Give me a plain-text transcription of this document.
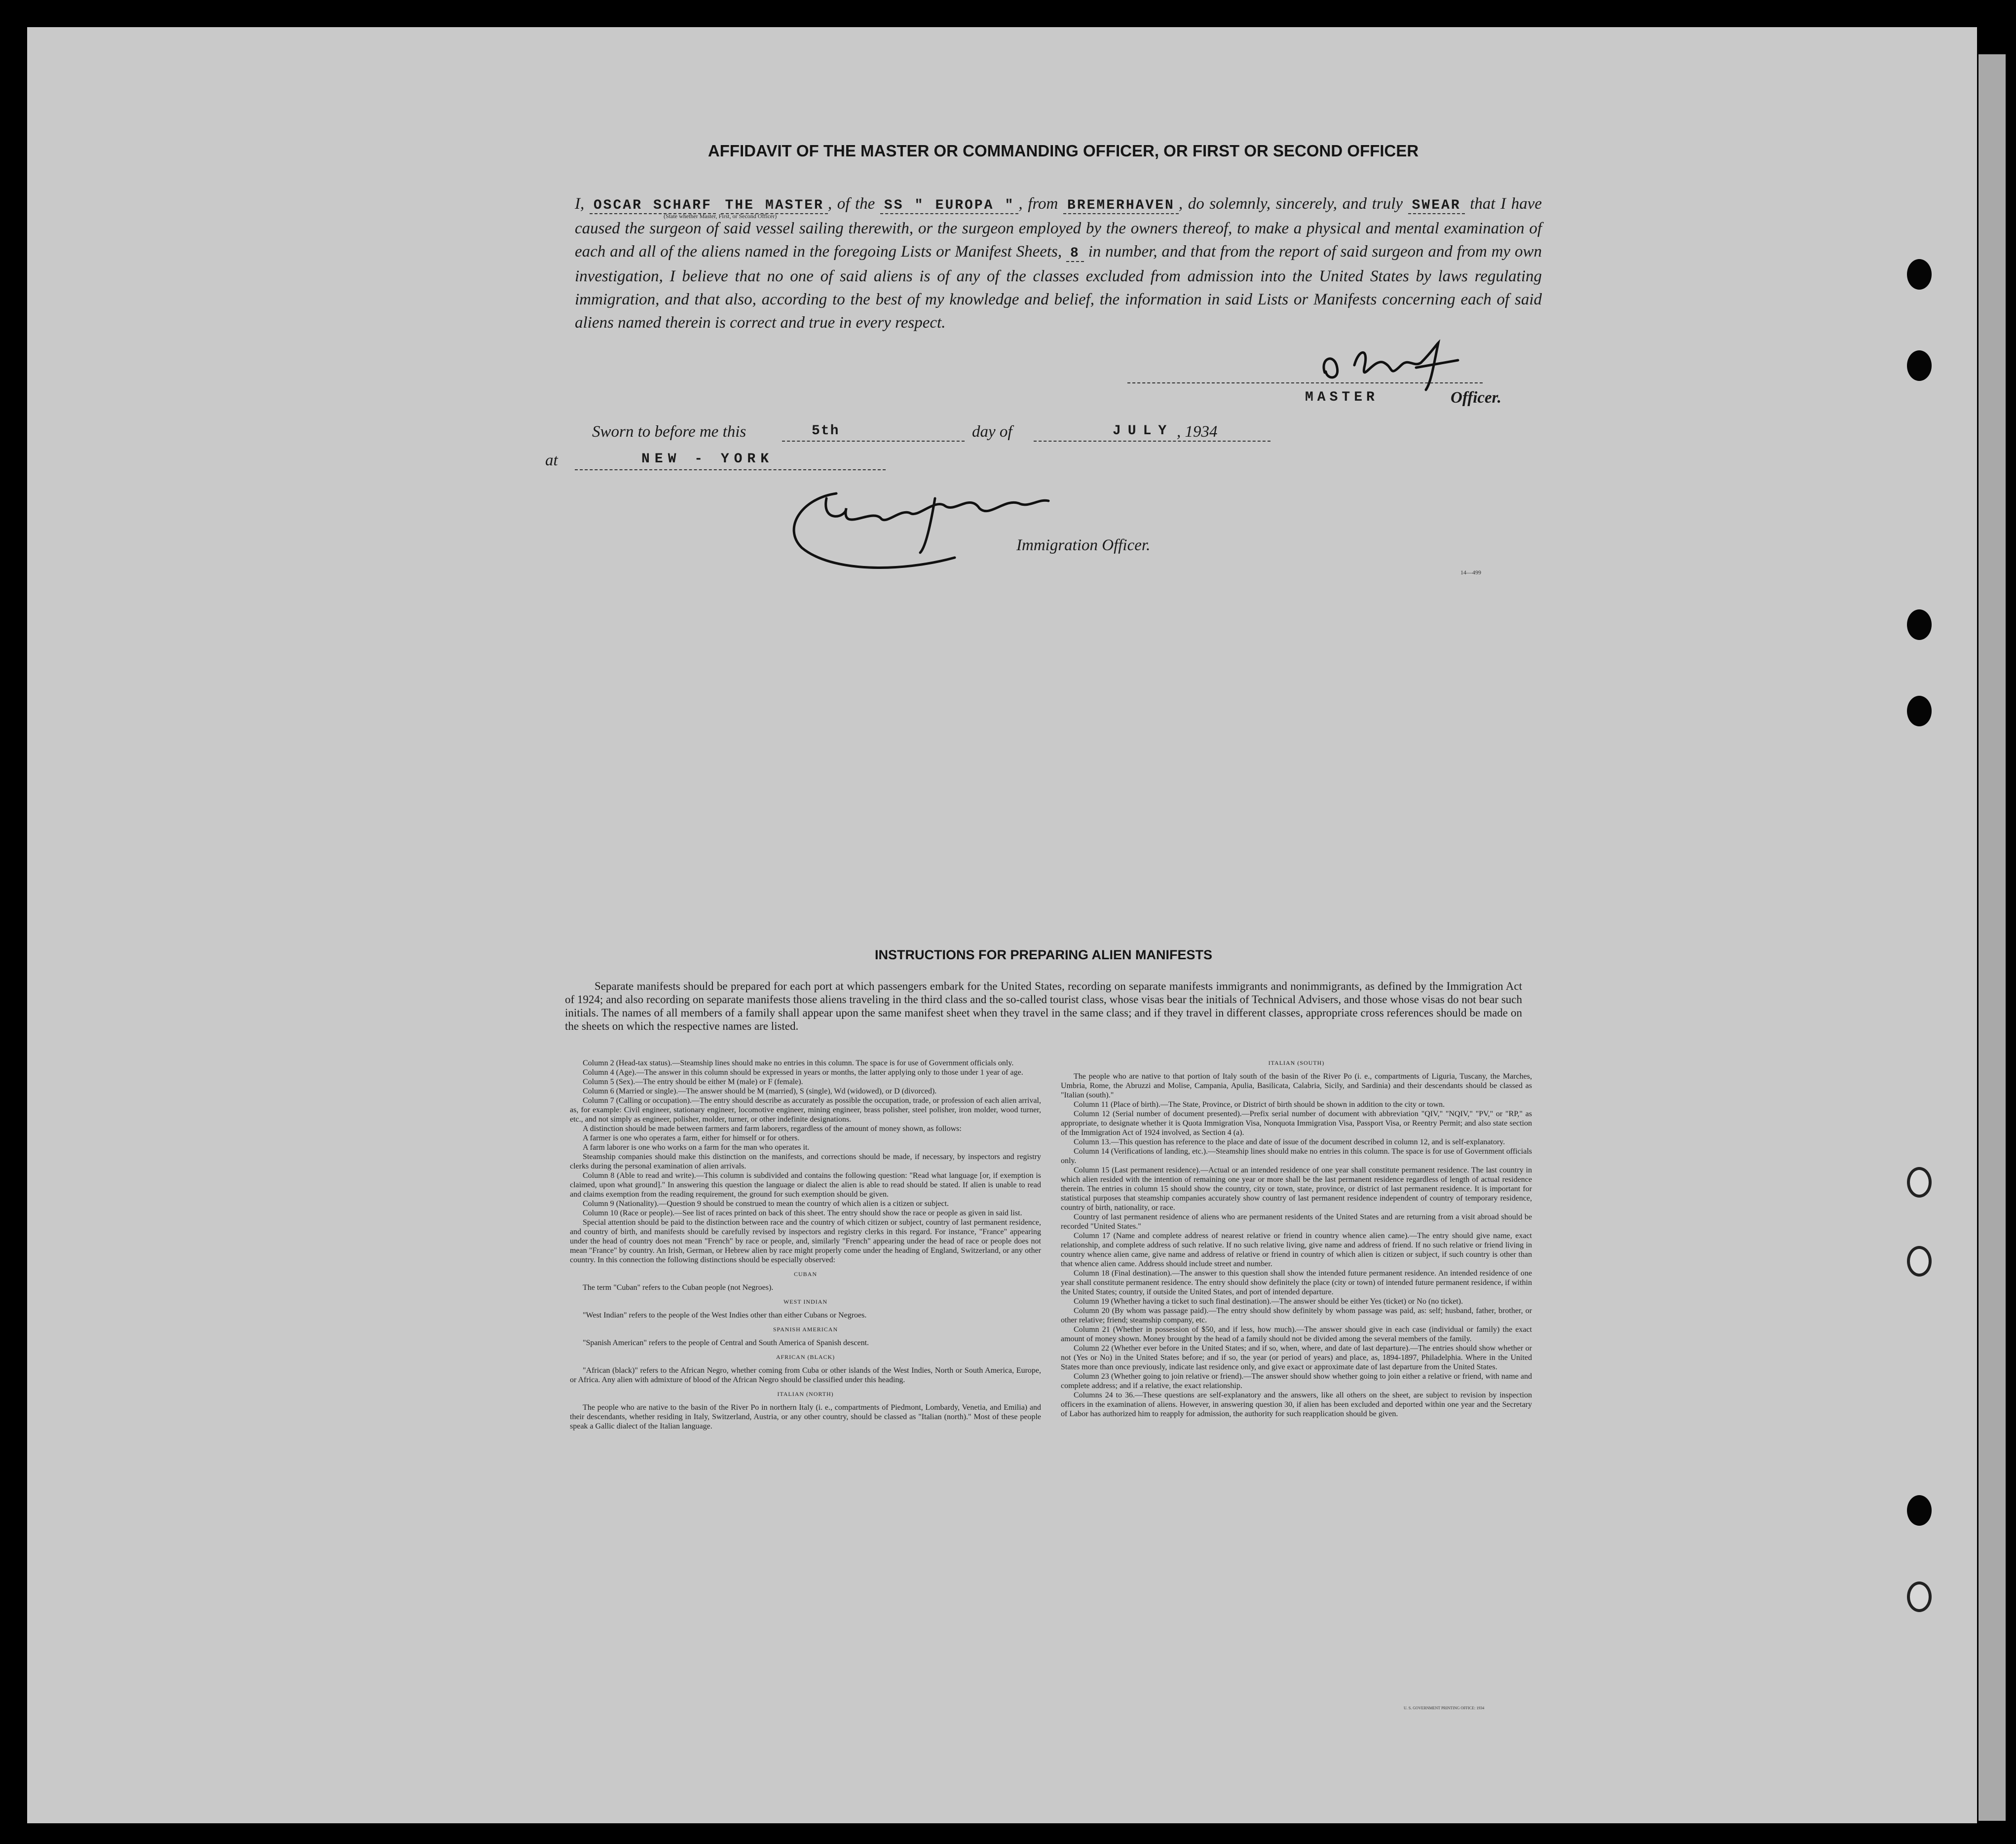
AFFIDAVIT OF THE MASTER OR COMMANDING OFFICER, OR FIRST OR SECOND OFFICER
I, OSCAR SCHARF THE MASTER , of the SS " EUROPA " , from BREMERHAVEN , do solemnly, sincerely, and truly SWEAR that I have caused the surgeon of said vessel sailing therewith, or the surgeon employed by the owners thereof, to make a physical and mental examination of each and all of the aliens named in the foregoing Lists or Manifest Sheets, 8 in number, and that from the report of said surgeon and from my own investigation, I believe that no one of said aliens is of any of the classes excluded from admission into the United States by laws regulating immigration, and that also, according to the best of my knowledge and belief, the information in said Lists or Manifests concerning each of said aliens named therein is correct and true in every respect.
(State whether Master, First, or Second Officer)
MASTER	Officer.
Sworn to before me this	5th	day of	JULY , 1934
at	NEW - YORK
Immigration Officer.
14—499
INSTRUCTIONS FOR PREPARING ALIEN MANIFESTS
Separate manifests should be prepared for each port at which passengers embark for the United States, recording on separate manifests immigrants and nonimmigrants, as defined by the Immigration Act of 1924; and also recording on separate manifests those aliens traveling in the third class and the so-called tourist class, whose visas bear the initials of Technical Advisers, and those whose visas do not bear such initials. The names of all members of a family shall appear upon the same manifest sheet when they travel in the same class; and if they travel in different classes, appropriate cross references should be made on the sheets on which the respective names are listed.

Column 2 (Head-tax status).—Steamship lines should make no entries in this column. The space is for use of Government officials only.

Column 4 (Age).—The answer in this column should be expressed in years or months, the latter applying only to those under 1 year of age.

Column 5 (Sex).—The entry should be either M (male) or F (female).

Column 6 (Married or single).—The answer should be M (married), S (single), Wd (widowed), or D (divorced).

Column 7 (Calling or occupation).—The entry should describe as accurately as possible the occupation, trade, or profession of each alien arrival, as, for example: Civil engineer, stationary engineer, locomotive engineer, mining engineer, brass polisher, steel polisher, iron molder, wood turner, etc., and not simply as engineer, polisher, molder, turner, or other indefinite designations.

A distinction should be made between farmers and farm laborers, regardless of the amount of money shown, as follows:

A farmer is one who operates a farm, either for himself or for others.

A farm laborer is one who works on a farm for the man who operates it.

Steamship companies should make this distinction on the manifests, and corrections should be made, if necessary, by inspectors and registry clerks during the personal examination of alien arrivals.

Column 8 (Able to read and write).—This column is subdivided and contains the following question: "Read what language [or, if exemption is claimed, upon what ground]." In answering this question the language or dialect the alien is able to read should be stated. If alien is unable to read and claims exemption from the reading requirement, the ground for such exemption should be given.

Column 9 (Nationality).—Question 9 should be construed to mean the country of which alien is a citizen or subject.

Column 10 (Race or people).—See list of races printed on back of this sheet. The entry should show the race or people as given in said list.

Special attention should be paid to the distinction between race and the country of which citizen or subject, country of last permanent residence, and country of birth, and manifests should be carefully revised by inspectors and registry clerks in this regard. For instance, "France" appearing under the head of country does not mean "French" by race or people, and, similarly "French" appearing under the head of race or people does not mean "France" by country. An Irish, German, or Hebrew alien by race might properly come under the heading of England, Switzerland, or any other country. In this connection the following distinctions should be especially observed:

CUBAN

The term "Cuban" refers to the Cuban people (not Negroes).

WEST INDIAN

"West Indian" refers to the people of the West Indies other than either Cubans or Negroes.

SPANISH AMERICAN

"Spanish American" refers to the people of Central and South America of Spanish descent.

AFRICAN (BLACK)

"African (black)" refers to the African Negro, whether coming from Cuba or other islands of the West Indies, North or South America, Europe, or Africa. Any alien with admixture of blood of the African Negro should be classified under this heading.

ITALIAN (NORTH)

The people who are native to the basin of the River Po in northern Italy (i. e., compartments of Piedmont, Lombardy, Venetia, and Emilia) and their descendants, whether residing in Italy, Switzerland, Austria, or any other country, should be classed as "Italian (north)." Most of these people speak a Gallic dialect of the Italian language.

ITALIAN (SOUTH)

The people who are native to that portion of Italy south of the basin of the River Po (i. e., compartments of Liguria, Tuscany, the Marches, Umbria, Rome, the Abruzzi and Molise, Campania, Apulia, Basilicata, Calabria, Sicily, and Sardinia) and their descendants should be classed as "Italian (south)."

Column 11 (Place of birth).—The State, Province, or District of birth should be shown in addition to the city or town.

Column 12 (Serial number of document presented).—Prefix serial number of document with abbreviation "QIV," "NQIV," "PV," or "RP," as appropriate, to designate whether it is Quota Immigration Visa, Nonquota Immigration Visa, Passport Visa, or Reentry Permit; and also state section of the Immigration Act of 1924 involved, as Section 4 (a).

Column 13.—This question has reference to the place and date of issue of the document described in column 12, and is self-explanatory.

Column 14 (Verifications of landing, etc.).—Steamship lines should make no entries in this column. The space is for use of Government officials only.

Column 15 (Last permanent residence).—Actual or an intended residence of one year shall constitute permanent residence. The last country in which alien resided with the intention of remaining one year or more shall be the last permanent residence regardless of length of actual residence therein. The entries in column 15 should show the country, city or town, state, province, or district of last permanent residence. It is important for statistical purposes that steamship companies accurately show country of last permanent residence independent of country of temporary residence, country of birth, nationality, or race.

Country of last permanent residence of aliens who are permanent residents of the United States and are returning from a visit abroad should be recorded "United States."

Column 17 (Name and complete address of nearest relative or friend in country whence alien came).—The entry should give name, exact relationship, and complete address of such relative. If no such relative living, give name and address of friend. If no such relative or friend living in country whence alien came, give name and address of relative or friend in country of which alien is citizen or subject, if such country is other than that whence alien came. Address should include street and number.

Column 18 (Final destination).—The answer to this question shall show the intended future permanent residence. An intended residence of one year shall constitute permanent residence. The entry should show definitely the place (city or town) of intended future permanent residence, if within the United States; country, if outside the United States, and port of intended departure.

Column 19 (Whether having a ticket to such final destination).—The answer should be either Yes (ticket) or No (no ticket).

Column 20 (By whom was passage paid).—The entry should show definitely by whom passage was paid, as: self; husband, father, brother, or other relative; friend; steamship company, etc.

Column 21 (Whether in possession of $50, and if less, how much).—The answer should give in each case (individual or family) the exact amount of money shown. Money brought by the head of a family should not be divided among the several members of the family.

Column 22 (Whether ever before in the United States; and if so, when, where, and date of last departure).—The entries should show whether or not (Yes or No) in the United States before; and if so, the year (or period of years) and place, as, 1894-1897, Philadelphia. Where in the United States more than once previously, indicate last residence only, and give exact or approximate date of last departure from the United States.

Column 23 (Whether going to join relative or friend).—The answer should show whether going to join either a relative or friend, with name and complete address; and if a relative, the exact relationship.

Columns 24 to 36.—These questions are self-explanatory and the answers, like all others on the sheet, are subject to revision by inspection officers in the examination of aliens. However, in answering question 30, if alien has been excluded and deported within one year and the Secretary of Labor has authorized him to reapply for admission, the authority for such reapplication should be given.

U. S. GOVERNMENT PRINTING OFFICE: 1934
